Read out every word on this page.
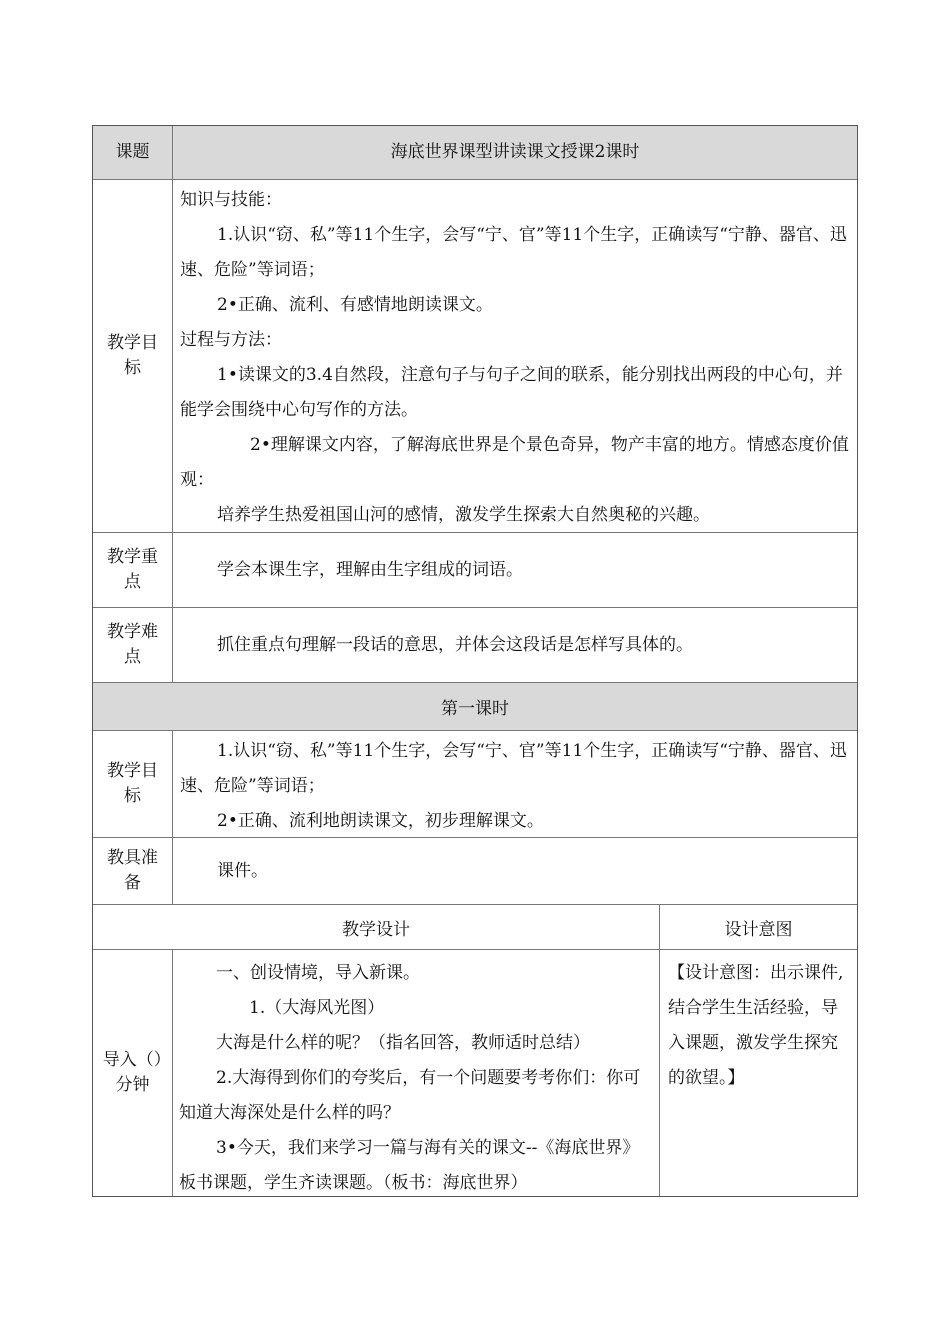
课题	海底世界课型讲读课文授课2课时
教学目标

知识与技能：

1.认识“窃、私”等11个生字，会写“宁、官”等11个生字，正确读写“宁静、器官、迅速、危险”等词语；

2•正确、流利、有感情地朗读课文。

过程与方法：

1•读课文的3.4自然段，注意句子与句子之间的联系，能分别找出两段的中心句，并能学会围绕中心句写作的方法。

2•理解课文内容，了解海底世界是个景色奇异，物产丰富的地方。情感态度价值观：

培养学生热爱祖国山河的感情，激发学生探索大自然奥秘的兴趣。

教学重点
学会本课生字，理解由生字组成的词语。
教学难点
抓住重点句理解一段话的意思，并体会这段话是怎样写具体的。
第一课时
教学目标

1.认识“窃、私”等11个生字，会写“宁、官”等11个生字，正确读写“宁静、器官、迅速、危险”等词语；

2•正确、流利地朗读课文，初步理解课文。

教具准备
课件。
教学设计	设计意图
导入（）分钟

一、创设情境，导入新课。

1.（大海风光图）

大海是什么样的呢？（指名回答，教师适时总结）

2.大海得到你们的夸奖后，有一个问题要考考你们：你可知道大海深处是什么样的吗？

3•今天，我们来学习一篇与海有关的课文--《海底世界》板书课题，学生齐读课题。（板书：海底世界）

【设计意图：出示课件,结合学生生活经验，导入课题，激发学生探究的欲望。】
